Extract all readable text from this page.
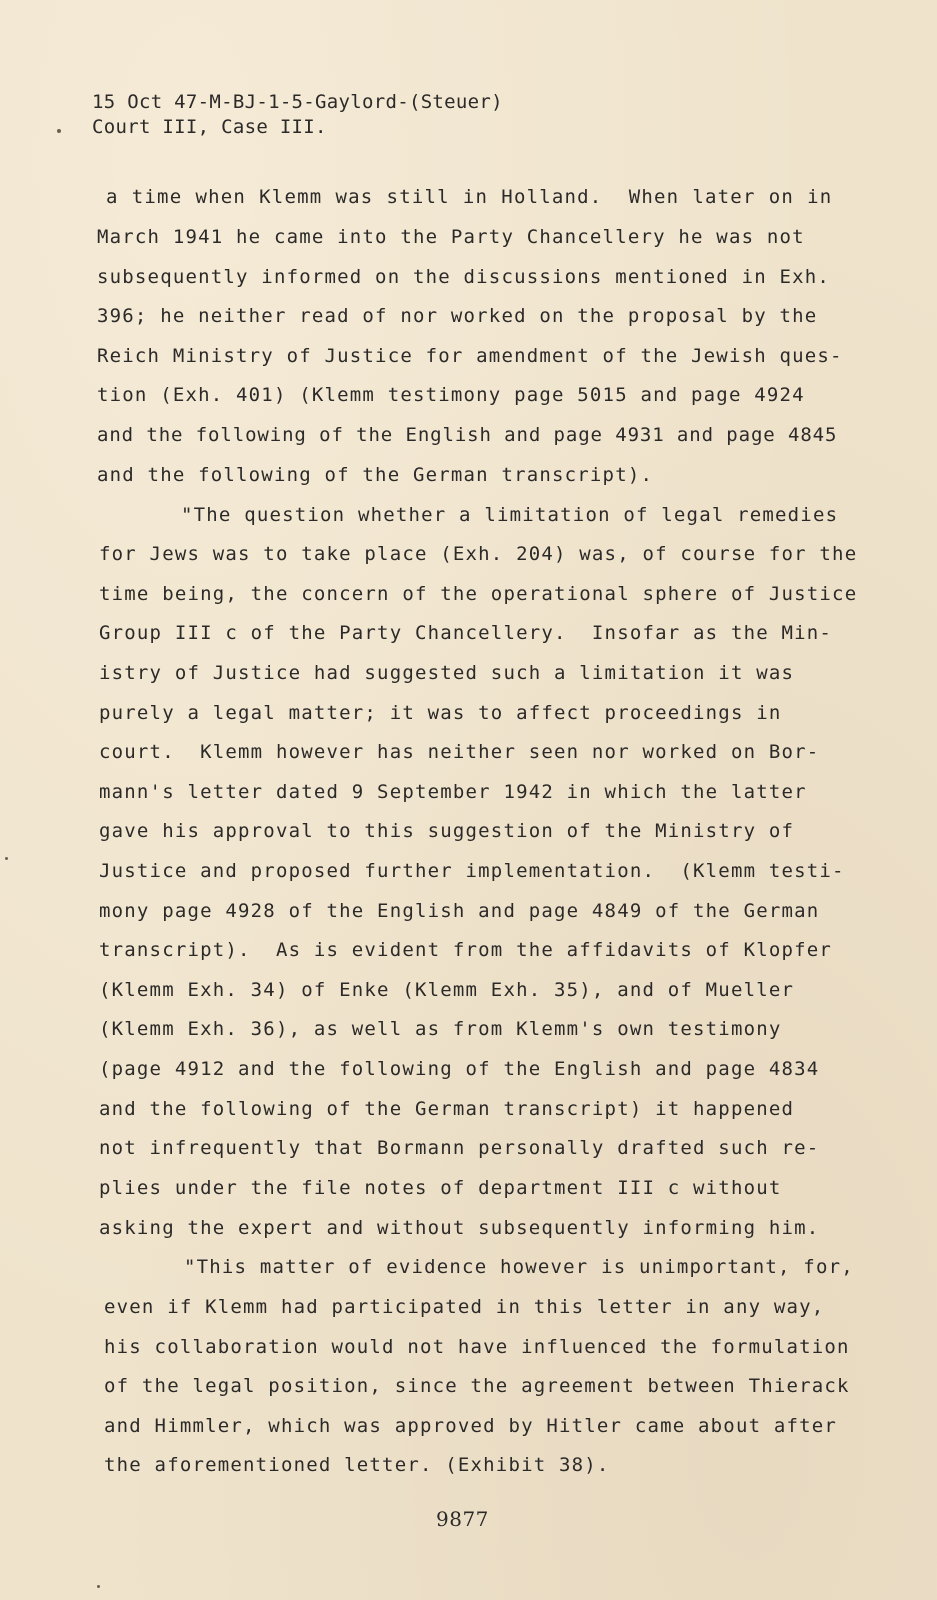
15 Oct 47-M-BJ-1-5-Gaylord-(Steuer)
Court III, Case III.
a time when Klemm was still in Holland.  When later on in
March 1941 he came into the Party Chancellery he was not
subsequently informed on the discussions mentioned in Exh.
396; he neither read of nor worked on the proposal by the
Reich Ministry of Justice for amendment of the Jewish ques-
tion (Exh. 401) (Klemm testimony page 5015 and page 4924
and the following of the English and page 4931 and page 4845
and the following of the German transcript).
"The question whether a limitation of legal remedies
for Jews was to take place (Exh. 204) was, of course for the
time being, the concern of the operational sphere of Justice
Group III c of the Party Chancellery.  Insofar as the Min-
istry of Justice had suggested such a limitation it was
purely a legal matter; it was to affect proceedings in
court.  Klemm however has neither seen nor worked on Bor-
mann's letter dated 9 September 1942 in which the latter
gave his approval to this suggestion of the Ministry of
Justice and proposed further implementation.  (Klemm testi-
mony page 4928 of the English and page 4849 of the German
transcript).  As is evident from the affidavits of Klopfer
(Klemm Exh. 34) of Enke (Klemm Exh. 35), and of Mueller
(Klemm Exh. 36), as well as from Klemm's own testimony
(page 4912 and the following of the English and page 4834
and the following of the German transcript) it happened
not infrequently that Bormann personally drafted such re-
plies under the file notes of department III c without
asking the expert and without subsequently informing him.
"This matter of evidence however is unimportant, for,
even if Klemm had participated in this letter in any way,
his collaboration would not have influenced the formulation
of the legal position, since the agreement between Thierack
and Himmler, which was approved by Hitler came about after
the aforementioned letter. (Exhibit 38).
9877
